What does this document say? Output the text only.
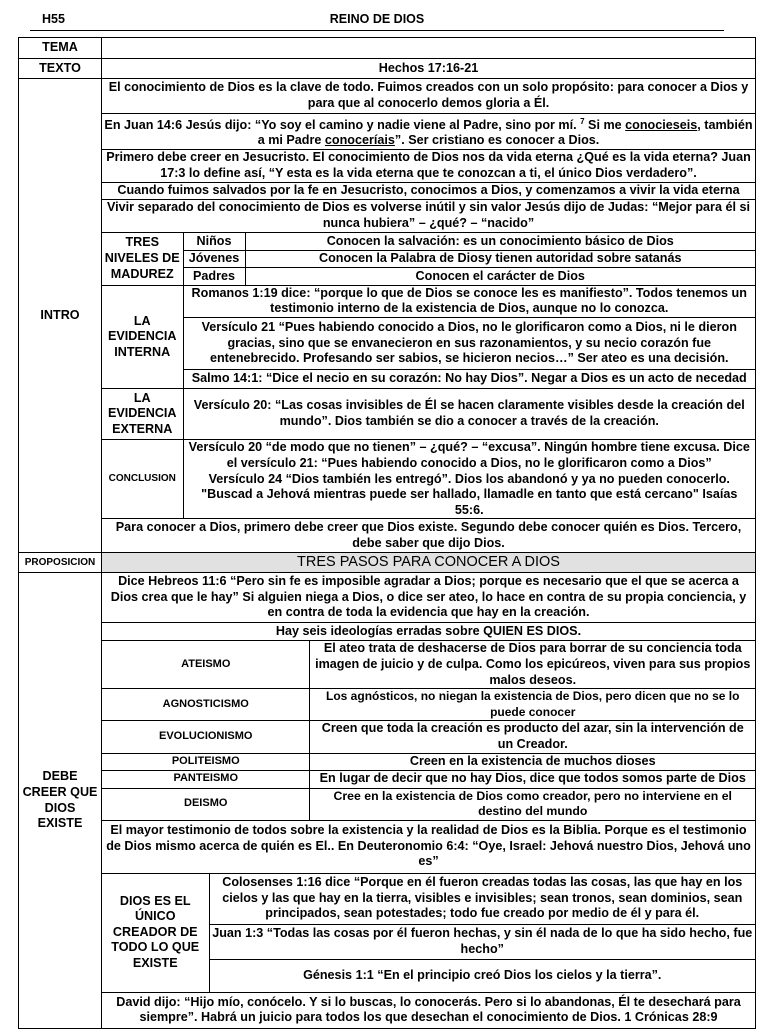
H55	REINO DE DIOS
TEMA	
TEXTO	Hechos 17:16-21
INTRO	
El conocimiento de Dios es la clave de todo. Fuimos creados con un solo propósito: para conocer a Dios y para que al conocerlo demos gloria a Él.
En Juan 14:6 Jesús dijo: “Yo soy el camino y nadie viene al Padre, sino por mí. $^7$ Si me conocieseis, también a mi Padre conoceríais”. Ser cristiano es conocer a Dios.
Primero debe creer en Jesucristo. El conocimiento de Dios nos da vida eterna ¿Qué es la vida eterna? Juan 17:3 lo define así, “Y esta es la vida eterna que te conozcan a ti, el único Dios verdadero”.
Cuando fuimos salvados por la fe en Jesucristo, conocimos a Dios, y comenzamos a vivir la vida eterna
Vivir separado del conocimiento de Dios es volverse inútil y sin valor Jesús dijo de Judas: “Mejor para él si nunca hubiera” – ¿qué? – “nacido”
TRES NIVELES DE MADUREZ	Niños	Conocen la salvación: es un conocimiento básico de Dios
Jóvenes	Conocen la Palabra de Diosy tienen autoridad sobre satanás
Padres	Conocen el carácter de Dios
LA EVIDENCIA INTERNA	Romanos 1:19 dice: “porque lo que de Dios se conoce les es manifiesto”. Todos tenemos un testimonio interno de la existencia de Dios, aunque no lo conozca.
Versículo 21 “Pues habiendo conocido a Dios, no le glorificaron como a Dios, ni le dieron gracias, sino que se envanecieron en sus razonamientos, y su necio corazón fue entenebrecido. Profesando ser sabios, se hicieron necios…” Ser ateo es una decisión.
Salmo 14:1: “Dice el necio en su corazón: No hay Dios”. Negar a Dios es un acto de necedad
LA EVIDENCIA EXTERNA	Versículo 20: “Las cosas invisibles de Él se hacen claramente visibles desde la creación del mundo”. Dios también se dio a conocer a través de la creación.
CONCLUSION	Versículo 20 “de modo que no tienen” – ¿qué? – “excusa”. Ningún hombre tiene excusa. Dice el versículo 21: “Pues habiendo conocido a Dios, no le glorificaron como a Dios”
Versículo 24 “Dios también les entregó”. Dios los abandonó y ya no pueden conocerlo. "Buscad a Jehová mientras puede ser hallado, llamadle en tanto que está cercano" Isaías 55:6.
Para conocer a Dios, primero debe creer que Dios existe. Segundo debe conocer quién es Dios. Tercero, debe saber que dijo Dios.

PROPOSICION	TRES PASOS PARA CONOCER A DIOS
DEBE CREER QUE DIOS EXISTE	
Dice Hebreos 11:6 “Pero sin fe es imposible agradar a Dios; porque es necesario que el que se acerca a Dios crea que le hay” Si alguien niega a Dios, o dice ser ateo, lo hace en contra de su propia conciencia, y en contra de toda la evidencia que hay en la creación.
Hay seis ideologías erradas sobre QUIEN ES DIOS.
ATEISMO	El ateo trata de deshacerse de Dios para borrar de su conciencia toda imagen de juicio y de culpa. Como los epicúreos, viven para sus propios malos deseos.
AGNOSTICISMO	Los agnósticos, no niegan la existencia de Dios, pero dicen que no se lo puede conocer
EVOLUCIONISMO	Creen que toda la creación es producto del azar, sin la intervención de un Creador.
POLITEISMO	Creen en la existencia de muchos dioses
PANTEISMO	En lugar de decir que no hay Dios, dice que todos somos parte de Dios
DEISMO	Cree en la existencia de Dios como creador, pero no interviene en el destino del mundo
El mayor testimonio de todos sobre la existencia y la realidad de Dios es la Biblia. Porque es el testimonio de Dios mismo acerca de quién es El.. En Deuteronomio 6:4: “Oye, Israel: Jehová nuestro Dios, Jehová uno es”
DIOS ES EL ÚNICO CREADOR DE TODO LO QUE EXISTE	Colosenses 1:16 dice “Porque en él fueron creadas todas las cosas, las que hay en los cielos y las que hay en la tierra, visibles e invisibles; sean tronos, sean dominios, sean principados, sean potestades; todo fue creado por medio de él y para él.
Juan 1:3 “Todas las cosas por él fueron hechas, y sin él nada de lo que ha sido hecho, fue hecho”
Génesis 1:1 “En el principio creó Dios los cielos y la tierra”.
David dijo: “Hijo mío, conócelo. Y si lo buscas, lo conocerás. Pero si lo abandonas, Él te desechará para siempre”. Habrá un juicio para todos los que desechan el conocimiento de Dios. 1 Crónicas 28:9
